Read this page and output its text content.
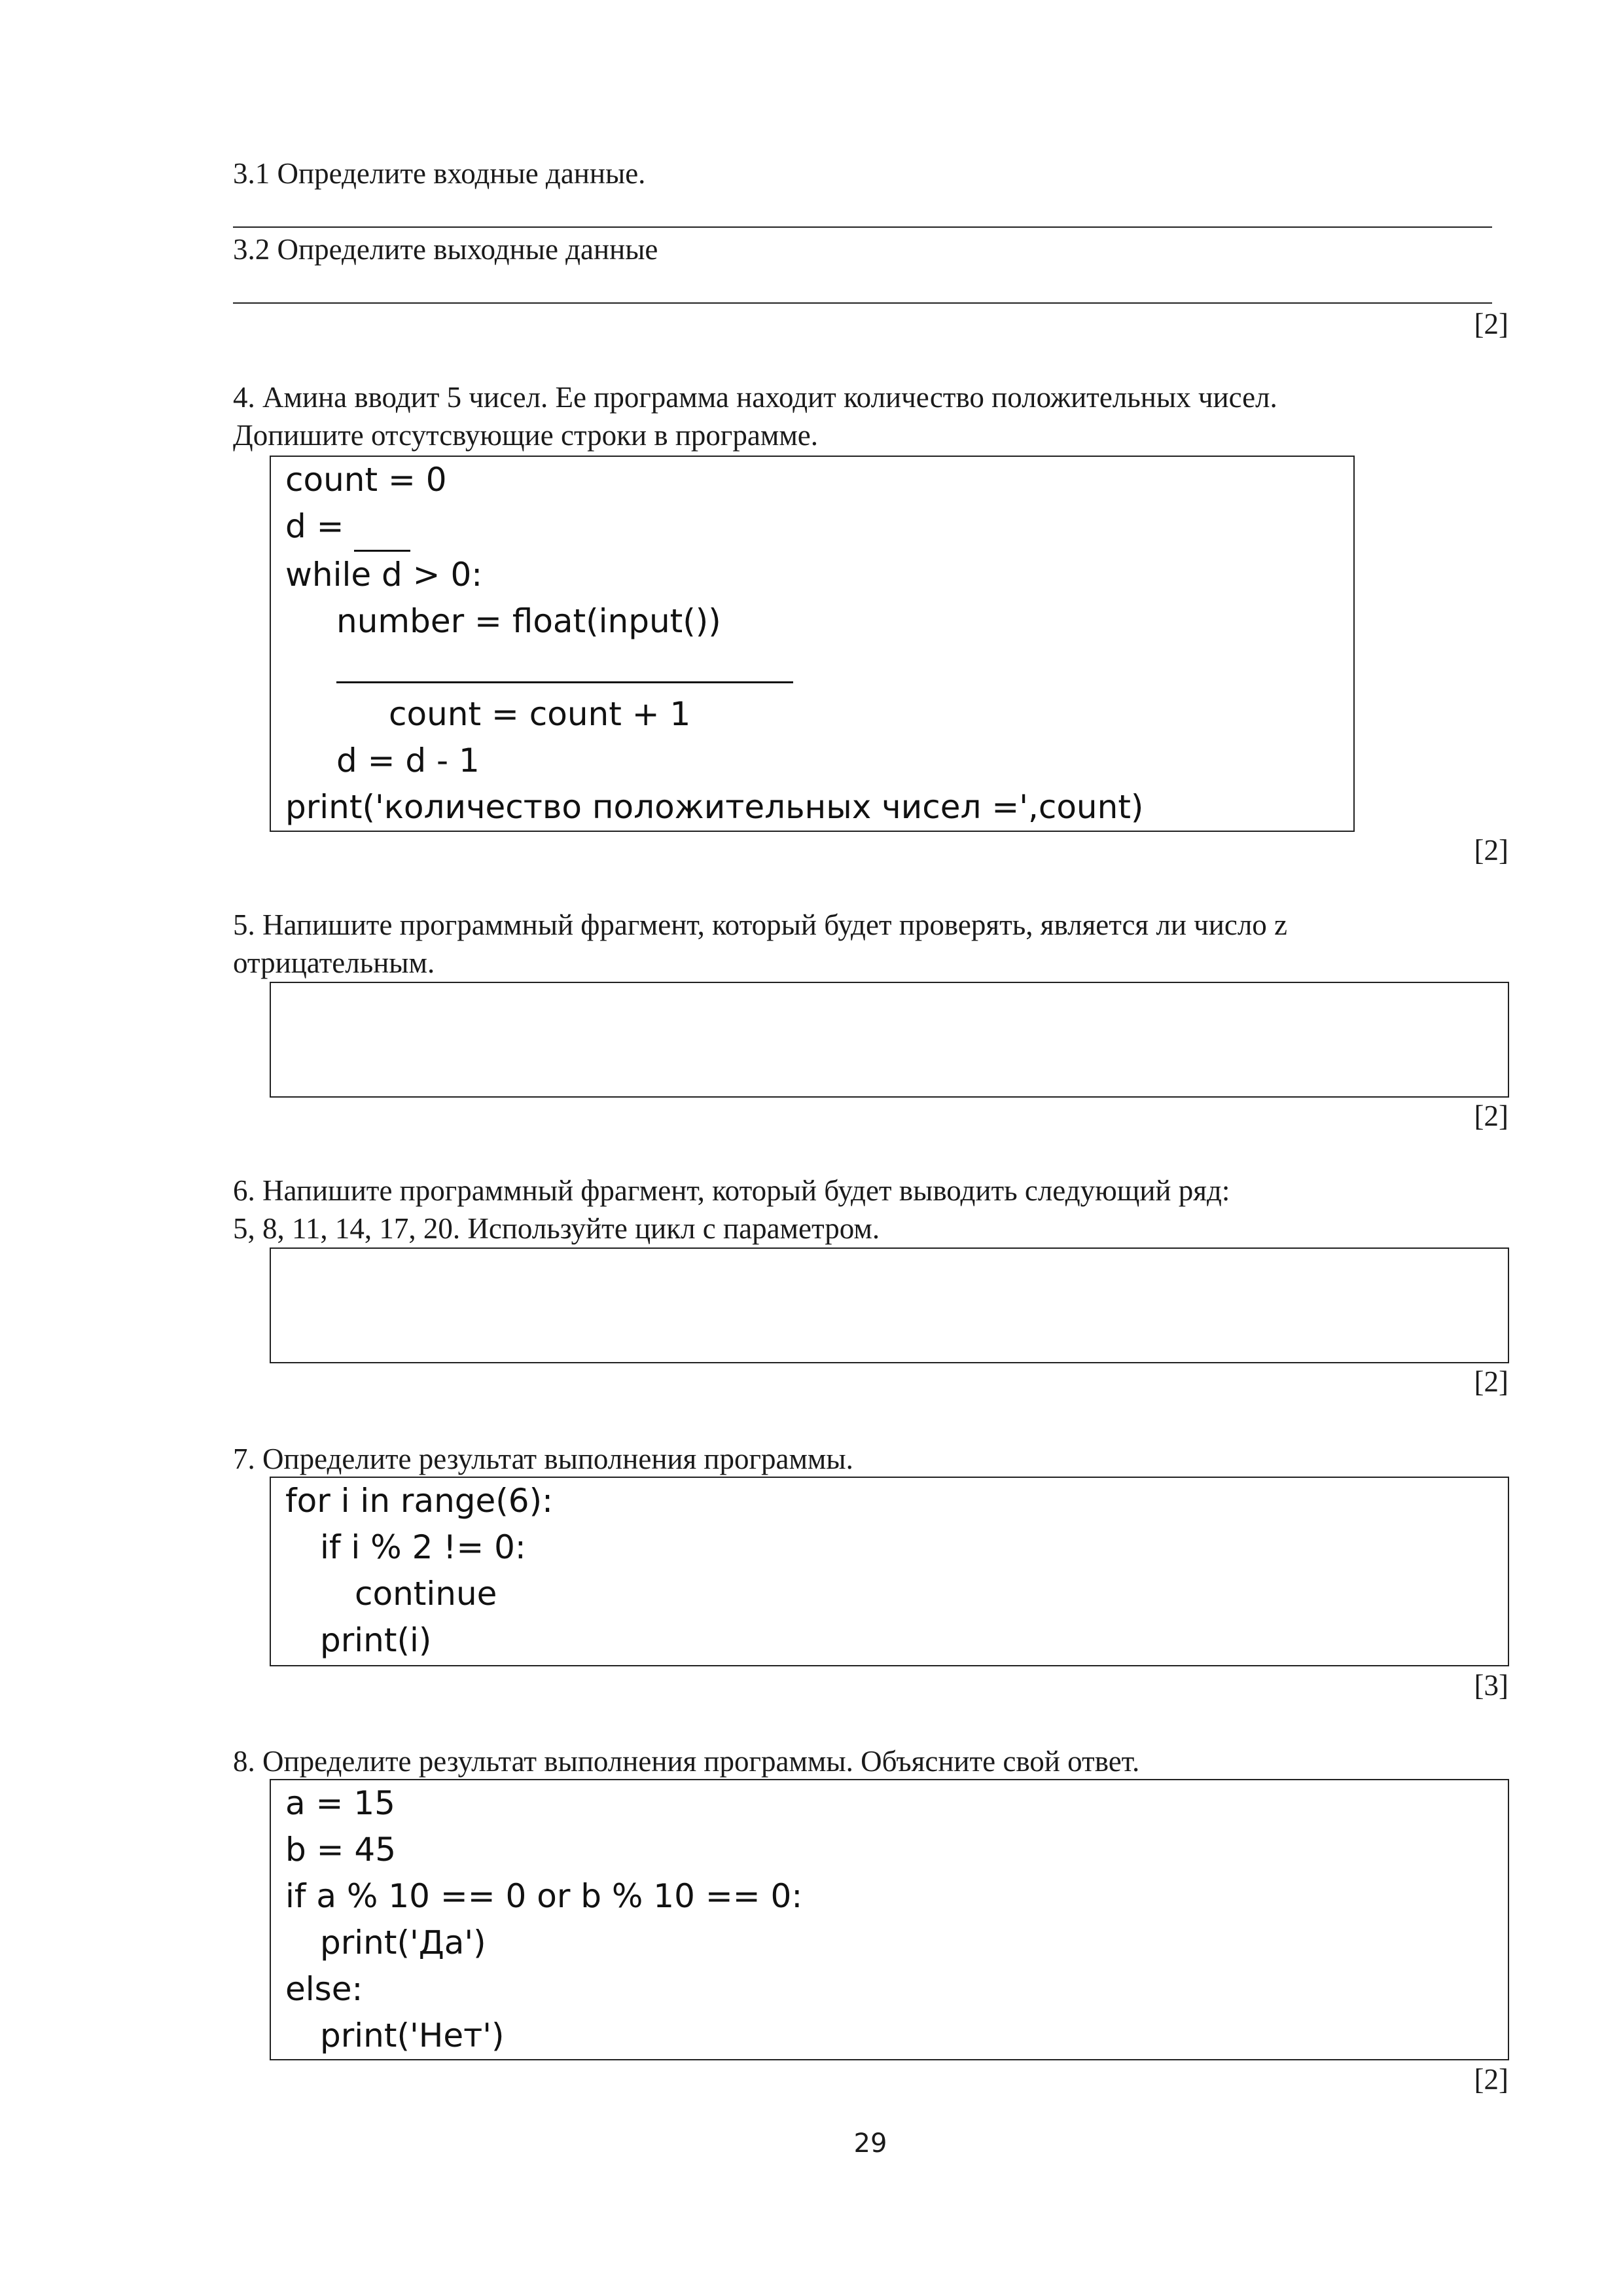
3.1 Определите входные данные.
3.2 Определите выходные данные
[2]
4. Амина вводит 5 чисел. Ее программа находит количество положительных чисел.
Допишите отсутсвующие строки в программе.
count = 0
d =
while d > 0:
number = float(input())

count = count + 1
d = d - 1
print('количество положительных чисел =',count)
[2]
5. Напишите программный фрагмент, который будет проверять, является ли число z
отрицательным.
[2]
6. Напишите программный фрагмент, который будет выводить следующий ряд:
5, 8, 11, 14, 17, 20. Используйте цикл с параметром.
[2]
7. Определите результат выполнения программы.
for i in range(6):
if i % 2 != 0:
continue
print(i)
[3]
8. Определите результат выполнения программы. Объясните свой ответ.
a = 15
b = 45
if a % 10 == 0 or b % 10 == 0:
print('Да')
else:
print('Нет')
[2]
29
